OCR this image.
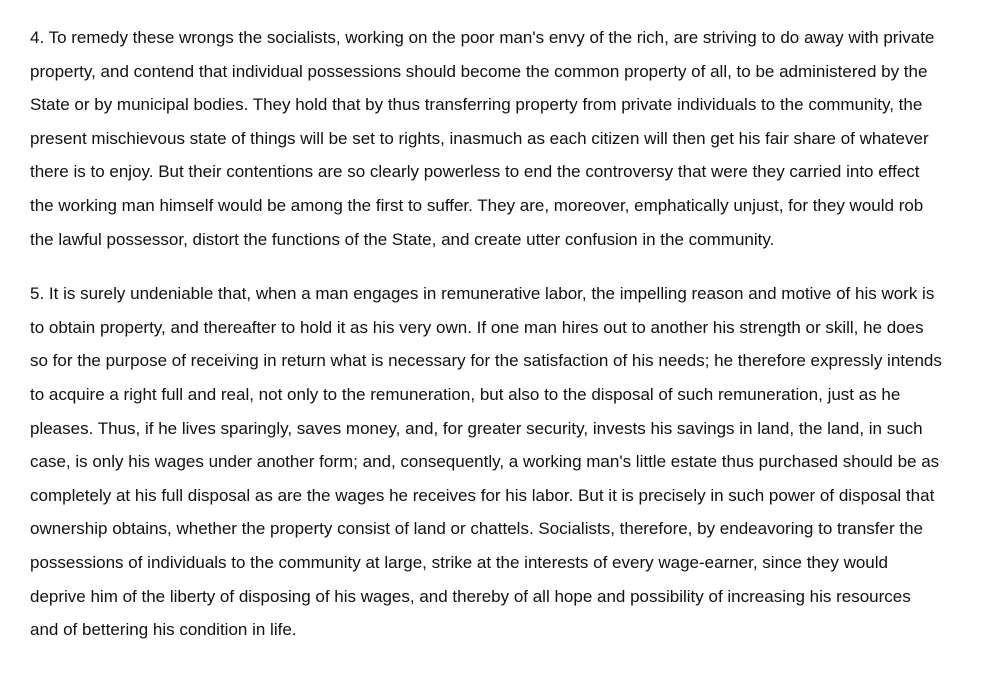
4. To remedy these wrongs the socialists, working on the poor man's envy of the rich, are striving to do away with private
property, and contend that individual possessions should become the common property of all, to be administered by the
State or by municipal bodies. They hold that by thus transferring property from private individuals to the community, the
present mischievous state of things will be set to rights, inasmuch as each citizen will then get his fair share of whatever
there is to enjoy. But their contentions are so clearly powerless to end the controversy that were they carried into effect
the working man himself would be among the first to suffer. They are, moreover, emphatically unjust, for they would rob
the lawful possessor, distort the functions of the State, and create utter confusion in the community.

5. It is surely undeniable that, when a man engages in remunerative labor, the impelling reason and motive of his work is
to obtain property, and thereafter to hold it as his very own. If one man hires out to another his strength or skill, he does
so for the purpose of receiving in return what is necessary for the satisfaction of his needs; he therefore expressly intends
to acquire a right full and real, not only to the remuneration, but also to the disposal of such remuneration, just as he
pleases. Thus, if he lives sparingly, saves money, and, for greater security, invests his savings in land, the land, in such
case, is only his wages under another form; and, consequently, a working man's little estate thus purchased should be as
completely at his full disposal as are the wages he receives for his labor. But it is precisely in such power of disposal that
ownership obtains, whether the property consist of land or chattels. Socialists, therefore, by endeavoring to transfer the
possessions of individuals to the community at large, strike at the interests of every wage-earner, since they would
deprive him of the liberty of disposing of his wages, and thereby of all hope and possibility of increasing his resources
and of bettering his condition in life.
